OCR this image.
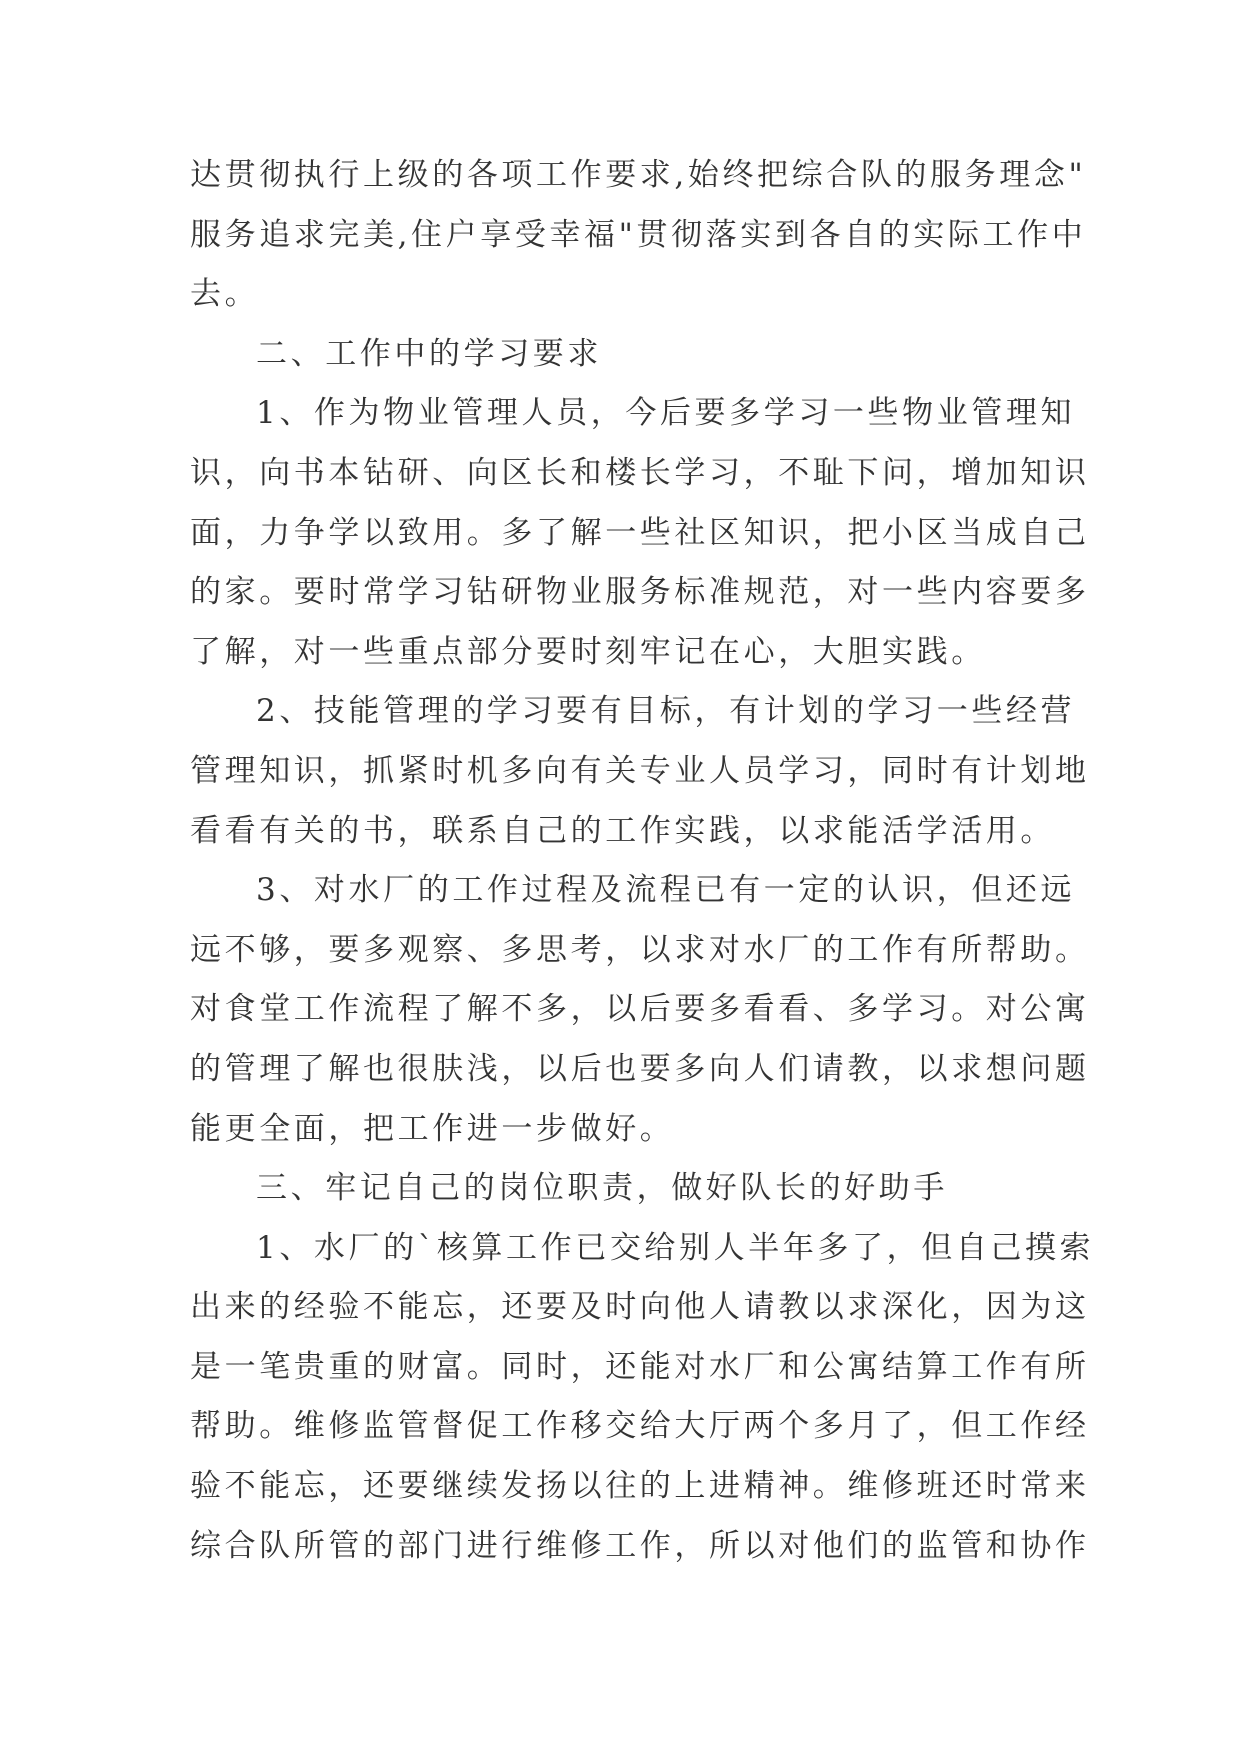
达贯彻执行上级的各项工作要求,始终把综合队的服务理念"
服务追求完美,住户享受幸福"贯彻落实到各自的实际工作中
去。
二、工作中的学习要求
1、作为物业管理人员，今后要多学习一些物业管理知
识，向书本钻研、向区长和楼长学习，不耻下问，增加知识
面，力争学以致用。多了解一些社区知识，把小区当成自己
的家。要时常学习钻研物业服务标准规范，对一些内容要多
了解，对一些重点部分要时刻牢记在心，大胆实践。
2、技能管理的学习要有目标，有计划的学习一些经营
管理知识，抓紧时机多向有关专业人员学习，同时有计划地
看看有关的书，联系自己的工作实践，以求能活学活用。
3、对水厂的工作过程及流程已有一定的认识，但还远
远不够，要多观察、多思考，以求对水厂的工作有所帮助。
对食堂工作流程了解不多，以后要多看看、多学习。对公寓
的管理了解也很肤浅，以后也要多向人们请教，以求想问题
能更全面，把工作进一步做好。
三、牢记自己的岗位职责，做好队长的好助手
1、水厂的`核算工作已交给别人半年多了，但自己摸索
出来的经验不能忘，还要及时向他人请教以求深化，因为这
是一笔贵重的财富。同时，还能对水厂和公寓结算工作有所
帮助。维修监管督促工作移交给大厅两个多月了，但工作经
验不能忘，还要继续发扬以往的上进精神。维修班还时常来
综合队所管的部门进行维修工作，所以对他们的监管和协作
